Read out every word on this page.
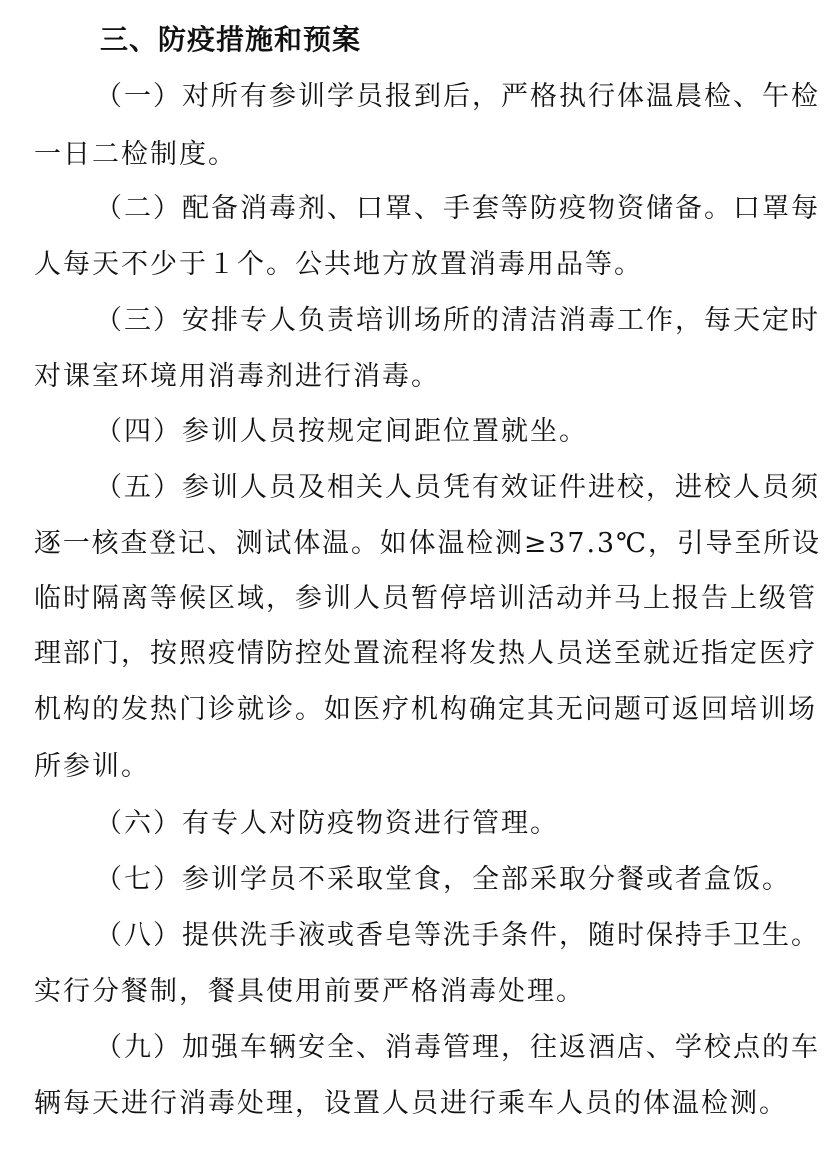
三、防疫措施和预案
（一）对所有参训学员报到后，严格执行体温晨检、午检
一日二检制度。
（二）配备消毒剂、口罩、手套等防疫物资储备。口罩每
人每天不少于１个。公共地方放置消毒用品等。
（三）安排专人负责培训场所的清洁消毒工作，每天定时
对课室环境用消毒剂进行消毒。
（四）参训人员按规定间距位置就坐。
（五）参训人员及相关人员凭有效证件进校，进校人员须
逐一核查登记、测试体温。如体温检测≥37.3℃，引导至所设
临时隔离等候区域，参训人员暂停培训活动并马上报告上级管
理部门，按照疫情防控处置流程将发热人员送至就近指定医疗
机构的发热门诊就诊。如医疗机构确定其无问题可返回培训场
所参训。
（六）有专人对防疫物资进行管理。
（七）参训学员不采取堂食，全部采取分餐或者盒饭。
（八）提供洗手液或香皂等洗手条件，随时保持手卫生。
实行分餐制，餐具使用前要严格消毒处理。
（九）加强车辆安全、消毒管理，往返酒店、学校点的车
辆每天进行消毒处理，设置人员进行乘车人员的体温检测。
